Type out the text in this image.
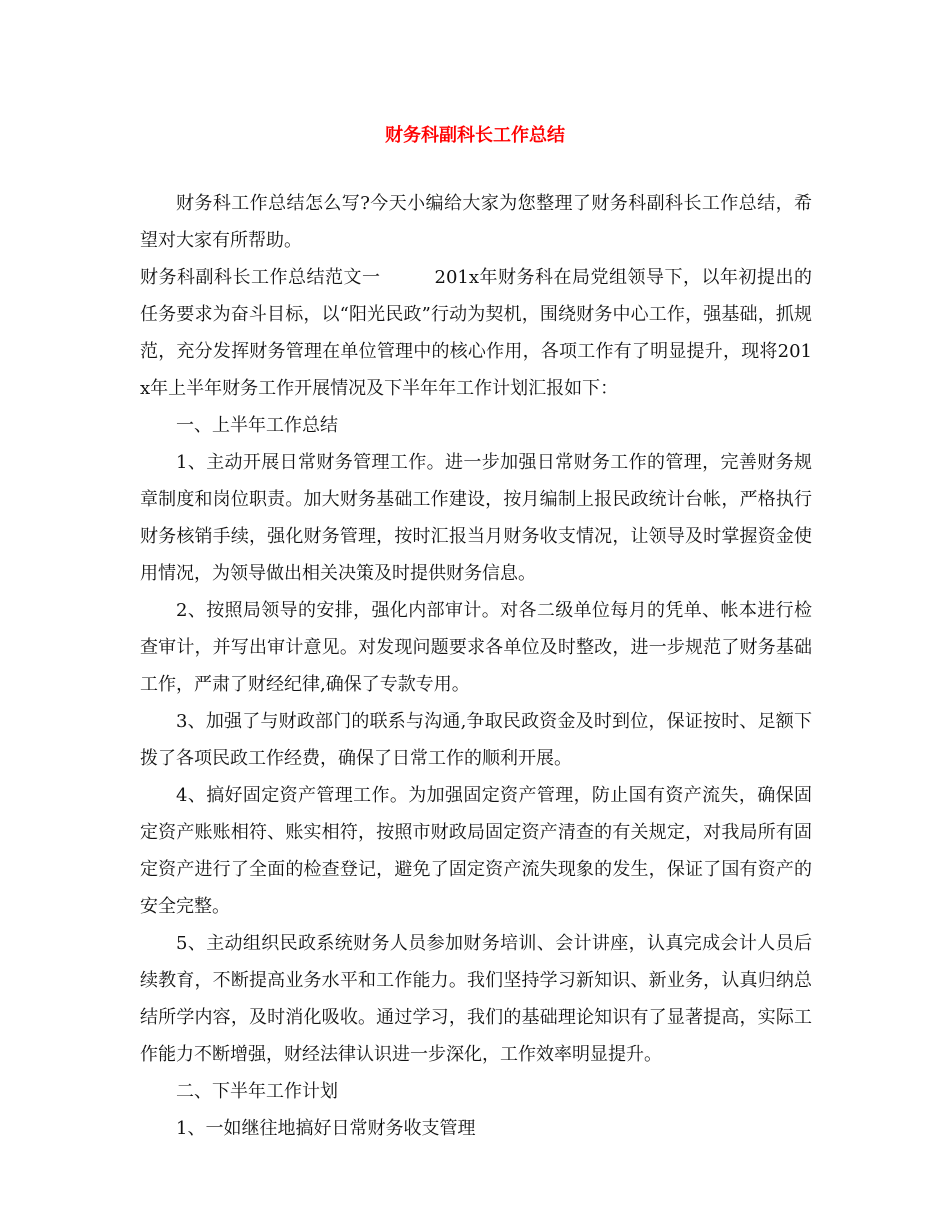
财务科副科长工作总结

财务科工作总结怎么写?今天小编给大家为您整理了财务科副科长工作总结，希望对大家有所帮助。

财务科副科长工作总结范文一	201x年财务科在局党组领导下，以年初提出的任务要求为奋斗目标，以“阳光民政”行动为契机，围绕财务中心工作，强基础，抓规范，充分发挥财务管理在单位管理中的核心作用，各项工作有了明显提升，现将201x年上半年财务工作开展情况及下半年年工作计划汇报如下：

一、上半年工作总结

1、主动开展日常财务管理工作。进一步加强日常财务工作的管理，完善财务规章制度和岗位职责。加大财务基础工作建设，按月编制上报民政统计台帐，严格执行财务核销手续，强化财务管理，按时汇报当月财务收支情况，让领导及时掌握资金使用情况，为领导做出相关决策及时提供财务信息。

2、按照局领导的安排，强化内部审计。对各二级单位每月的凭单、帐本进行检查审计，并写出审计意见。对发现问题要求各单位及时整改，进一步规范了财务基础工作，严肃了财经纪律,确保了专款专用。

3、加强了与财政部门的联系与沟通,争取民政资金及时到位，保证按时、足额下拨了各项民政工作经费，确保了日常工作的顺利开展。

4、搞好固定资产管理工作。为加强固定资产管理，防止国有资产流失，确保固定资产账账相符、账实相符，按照市财政局固定资产清查的有关规定，对我局所有固定资产进行了全面的检查登记，避免了固定资产流失现象的发生，保证了国有资产的安全完整。

5、主动组织民政系统财务人员参加财务培训、会计讲座，认真完成会计人员后续教育，不断提高业务水平和工作能力。我们坚持学习新知识、新业务，认真归纳总结所学内容，及时消化吸收。通过学习，我们的基础理论知识有了显著提高，实际工作能力不断增强，财经法律认识进一步深化，工作效率明显提升。

二、下半年工作计划

1、一如继往地搞好日常财务收支管理
